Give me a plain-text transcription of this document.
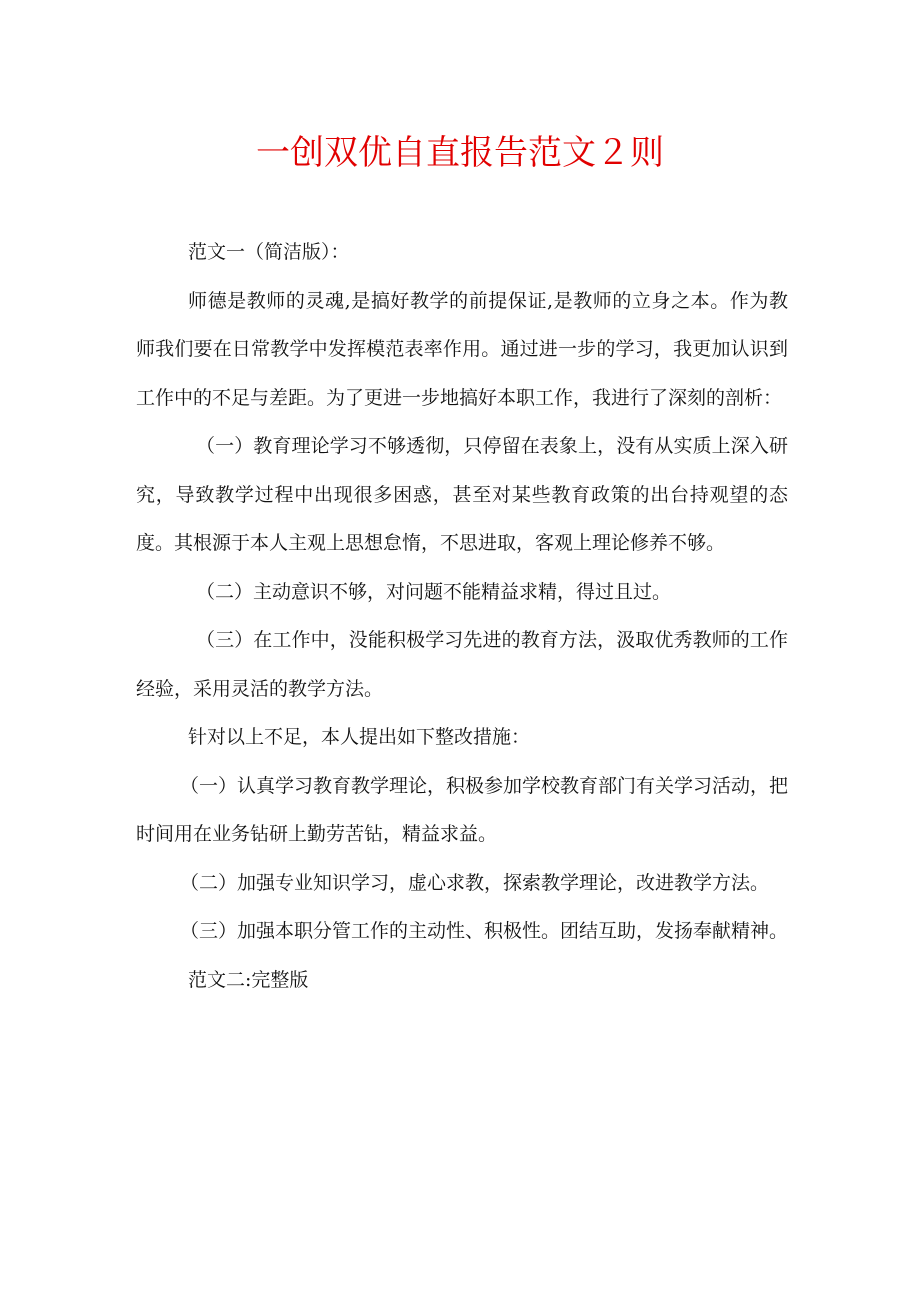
一创双优自直报告范文２则

范文一（简洁版）：

师德是教师的灵魂,是搞好教学的前提保证,是教师的立身之本。作为教师我们要在日常教学中发挥模范表率作用。通过进一步的学习，我更加认识到工作中的不足与差距。为了更进一步地搞好本职工作，我进行了深刻的剖析：

（一）教育理论学习不够透彻，只停留在表象上，没有从实质上深入研究，导致教学过程中出现很多困惑，甚至对某些教育政策的出台持观望的态度。其根源于本人主观上思想怠惰，不思进取，客观上理论修养不够。

（二）主动意识不够，对问题不能精益求精，得过且过。

（三）在工作中，没能积极学习先进的教育方法，汲取优秀教师的工作经验，采用灵活的教学方法。

针对以上不足，本人提出如下整改措施：

（一）认真学习教育教学理论，积极参加学校教育部门有关学习活动，把时间用在业务钻研上勤劳苦钻，精益求益。

（二）加强专业知识学习，虚心求教，探索教学理论，改进教学方法。

（三）加强本职分管工作的主动性、积极性。团结互助，发扬奉献精神。

范文二:完整版
